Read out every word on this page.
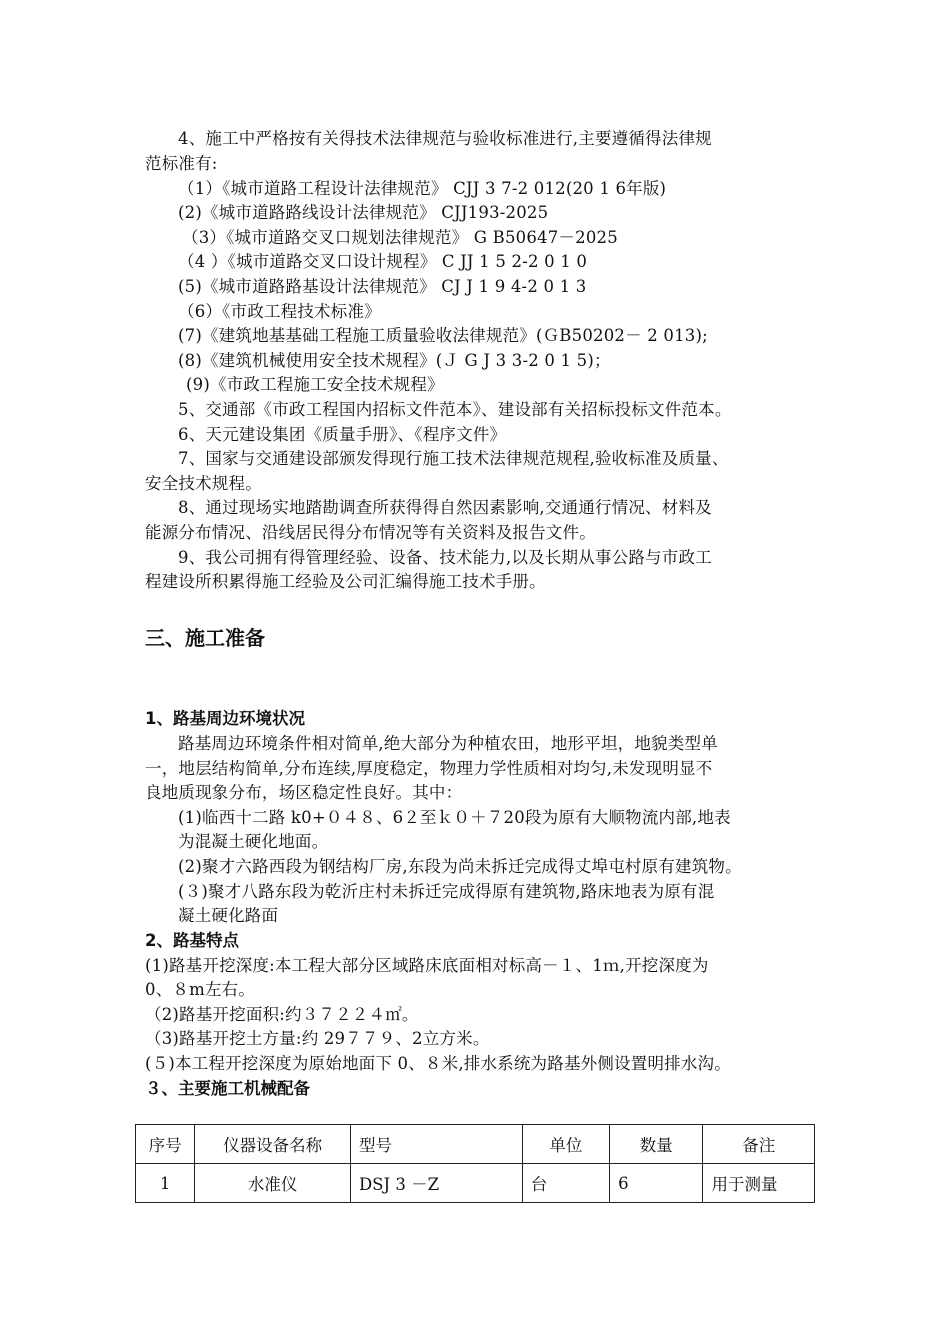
4、施工中严格按有关得技术法律规范与验收标准进行,主要遵循得法律规
范标准有:
（1）《城市道路工程设计法律规范》 CJJ 3 7-2 012(20 1 6年版)
(2)《城市道路路线设计法律规范》 CJJ193-2025
（3）《城市道路交叉口规划法律规范》 G B50647－2025
（4 ）《城市道路交叉口设计规程》 C JJ 1 5 2-2 0 1 0
(5)《城市道路路基设计法律规范》 CJ J 1 9 4-2 0 1 3
（6）《市政工程技术标准》
(7)《建筑地基基础工程施工质量验收法律规范》(ＧB50202－ 2 013);
(8)《建筑机械使用安全技术规程》(Ｊ G J 3 3-2 0 1 5)；
(9)《市政工程施工安全技术规程》
5、交通部《市政工程国内招标文件范本》、建设部有关招标投标文件范本。
6、天元建设集团《质量手册》、《程序文件》
7、国家与交通建设部颁发得现行施工技术法律规范规程,验收标准及质量、
安全技术规程。
8、通过现场实地踏勘调查所获得得自然因素影响,交通通行情况、材料及
能源分布情况、沿线居民得分布情况等有关资料及报告文件。
9、我公司拥有得管理经验、设备、技术能力,以及长期从事公路与市政工
程建设所积累得施工经验及公司汇编得施工技术手册。
三、施工准备
1、路基周边环境状况
路基周边环境条件相对简单,绝大部分为种植农田，地形平坦，地貌类型单
一，地层结构简单,分布连续,厚度稳定，物理力学性质相对均匀,未发现明显不
良地质现象分布，场区稳定性良好。其中：
(1)临西十二路 k0+０４８、6２至ｋ０＋７20段为原有大顺物流内部,地表
为混凝土硬化地面。
(2)聚才六路西段为钢结构厂房,东段为尚未拆迁完成得丈埠屯村原有建筑物。
(３)聚才八路东段为乾沂庄村未拆迁完成得原有建筑物,路床地表为原有混
凝土硬化路面
2、路基特点
(1)路基开挖深度:本工程大部分区域路床底面相对标高－１、1ｍ,开挖深度为
0、８m左右。
（2)路基开挖面积:约３７２２４㎡。
（3)路基开挖土方量:约 29７７９、2立方米。
(５)本工程开挖深度为原始地面下 0、８米,排水系统为路基外侧设置明排水沟。
３、主要施工机械配备
序号	仪器设备名称	型号	单位	数量	备注
1	水准仪	DSJ 3 －Z	台	6	用于测量
